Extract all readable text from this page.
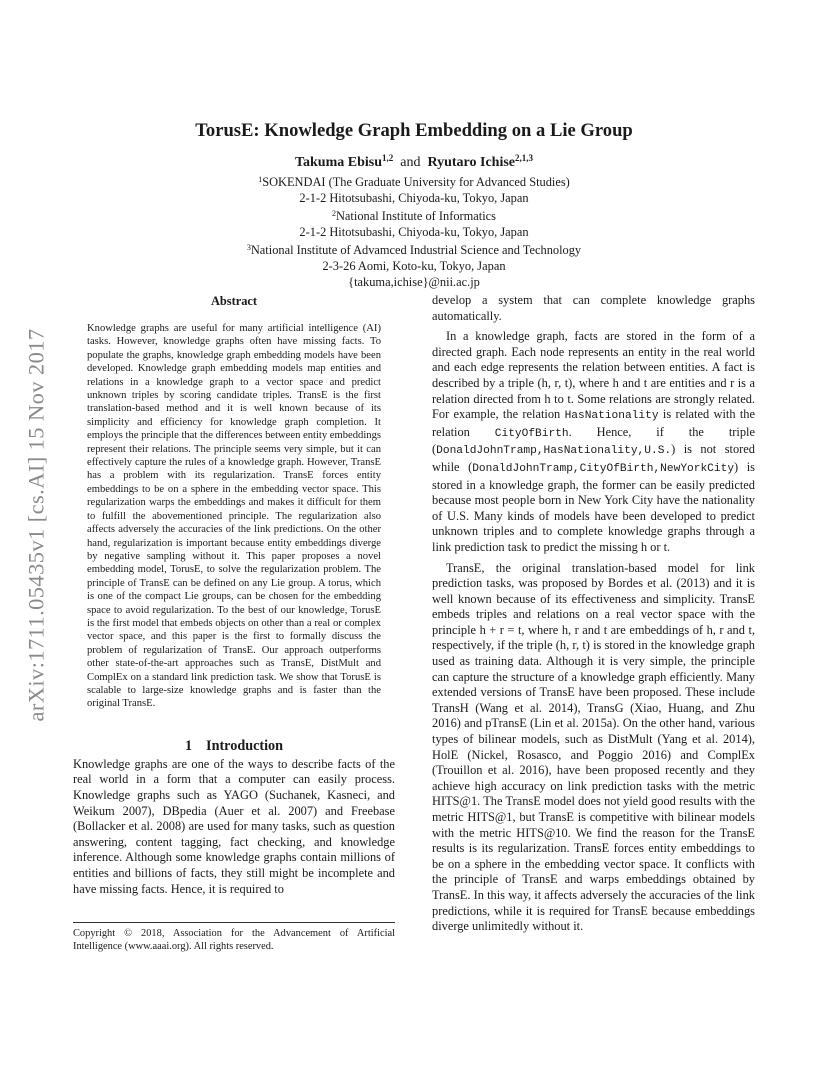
arXiv:1711.05435v1 [cs.AI] 15 Nov 2017
TorusE: Knowledge Graph Embedding on a Lie Group
Takuma Ebisu$^{1,2}$ and Ryutaro Ichise$^{2,1,3}$
$^1$SOKENDAI (The Graduate University for Advanced Studies)
2-1-2 Hitotsubashi, Chiyoda-ku, Tokyo, Japan
$^2$National Institute of Informatics
2-1-2 Hitotsubashi, Chiyoda-ku, Tokyo, Japan
$^3$National Institute of Advamced Industrial Science and Technology
2-3-26 Aomi, Koto-ku, Tokyo, Japan
{takuma,ichise}@nii.ac.jp
Abstract
Knowledge graphs are useful for many artificial intelligence (AI) tasks. However, knowledge graphs often have missing facts. To populate the graphs, knowledge graph embedding models have been developed. Knowledge graph embedding models map entities and relations in a knowledge graph to a vector space and predict unknown triples by scoring candidate triples. TransE is the first translation-based method and it is well known because of its simplicity and efficiency for knowledge graph completion. It employs the principle that the differences between entity embeddings represent their relations. The principle seems very simple, but it can effectively capture the rules of a knowledge graph. However, TransE has a problem with its regularization. TransE forces entity embeddings to be on a sphere in the embedding vector space. This regularization warps the embeddings and makes it difficult for them to fulfill the abovementioned principle. The regularization also affects adversely the accuracies of the link predictions. On the other hand, regularization is important because entity embeddings diverge by negative sampling without it. This paper proposes a novel embedding model, TorusE, to solve the regularization problem. The principle of TransE can be defined on any Lie group. A torus, which is one of the compact Lie groups, can be chosen for the embedding space to avoid regularization. To the best of our knowledge, TorusE is the first model that embeds objects on other than a real or complex vector space, and this paper is the first to formally discuss the problem of regularization of TransE. Our approach outperforms other state-of-the-art approaches such as TransE, DistMult and ComplEx on a standard link prediction task. We show that TorusE is scalable to large-size knowledge graphs and is faster than the original TransE.
1 Introduction
Knowledge graphs are one of the ways to describe facts of the real world in a form that a computer can easily process. Knowledge graphs such as YAGO (Suchanek, Kasneci, and Weikum 2007), DBpedia (Auer et al. 2007) and Freebase (Bollacker et al. 2008) are used for many tasks, such as question answering, content tagging, fact checking, and knowledge inference. Although some knowledge graphs contain millions of entities and billions of facts, they still might be incomplete and have missing facts. Hence, it is required to
develop a system that can complete knowledge graphs automatically.
In a knowledge graph, facts are stored in the form of a directed graph. Each node represents an entity in the real world and each edge represents the relation between entities. A fact is described by a triple (h, r, t), where h and t are entities and r is a relation directed from h to t. Some relations are strongly related. For example, the relation HasNationality is related with the relation CityOfBirth. Hence, if the triple (DonaldJohnTramp,HasNationality,U.S.) is not stored while (DonaldJohnTramp,CityOfBirth,NewYorkCity) is stored in a knowledge graph, the former can be easily predicted because most people born in New York City have the nationality of U.S. Many kinds of models have been developed to predict unknown triples and to complete knowledge graphs through a link prediction task to predict the missing h or t.
TransE, the original translation-based model for link prediction tasks, was proposed by Bordes et al. (2013) and it is well known because of its effectiveness and simplicity. TransE embeds triples and relations on a real vector space with the principle h + r = t, where h, r and t are embeddings of h, r and t, respectively, if the triple (h, r, t) is stored in the knowledge graph used as training data. Although it is very simple, the principle can capture the structure of a knowledge graph efficiently. Many extended versions of TransE have been proposed. These include TransH (Wang et al. 2014), TransG (Xiao, Huang, and Zhu 2016) and pTransE (Lin et al. 2015a). On the other hand, various types of bilinear models, such as DistMult (Yang et al. 2014), HolE (Nickel, Rosasco, and Poggio 2016) and ComplEx (Trouillon et al. 2016), have been proposed recently and they achieve high accuracy on link prediction tasks with the metric HITS@1. The TransE model does not yield good results with the metric HITS@1, but TransE is competitive with bilinear models with the metric HITS@10. We find the reason for the TransE results is its regularization. TransE forces entity embeddings to be on a sphere in the embedding vector space. It conflicts with the principle of TransE and warps embeddings obtained by TransE. In this way, it affects adversely the accuracies of the link predictions, while it is required for TransE because embeddings diverge unlimitedly without it.
Copyright © 2018, Association for the Advancement of Artificial Intelligence (www.aaai.org). All rights reserved.
